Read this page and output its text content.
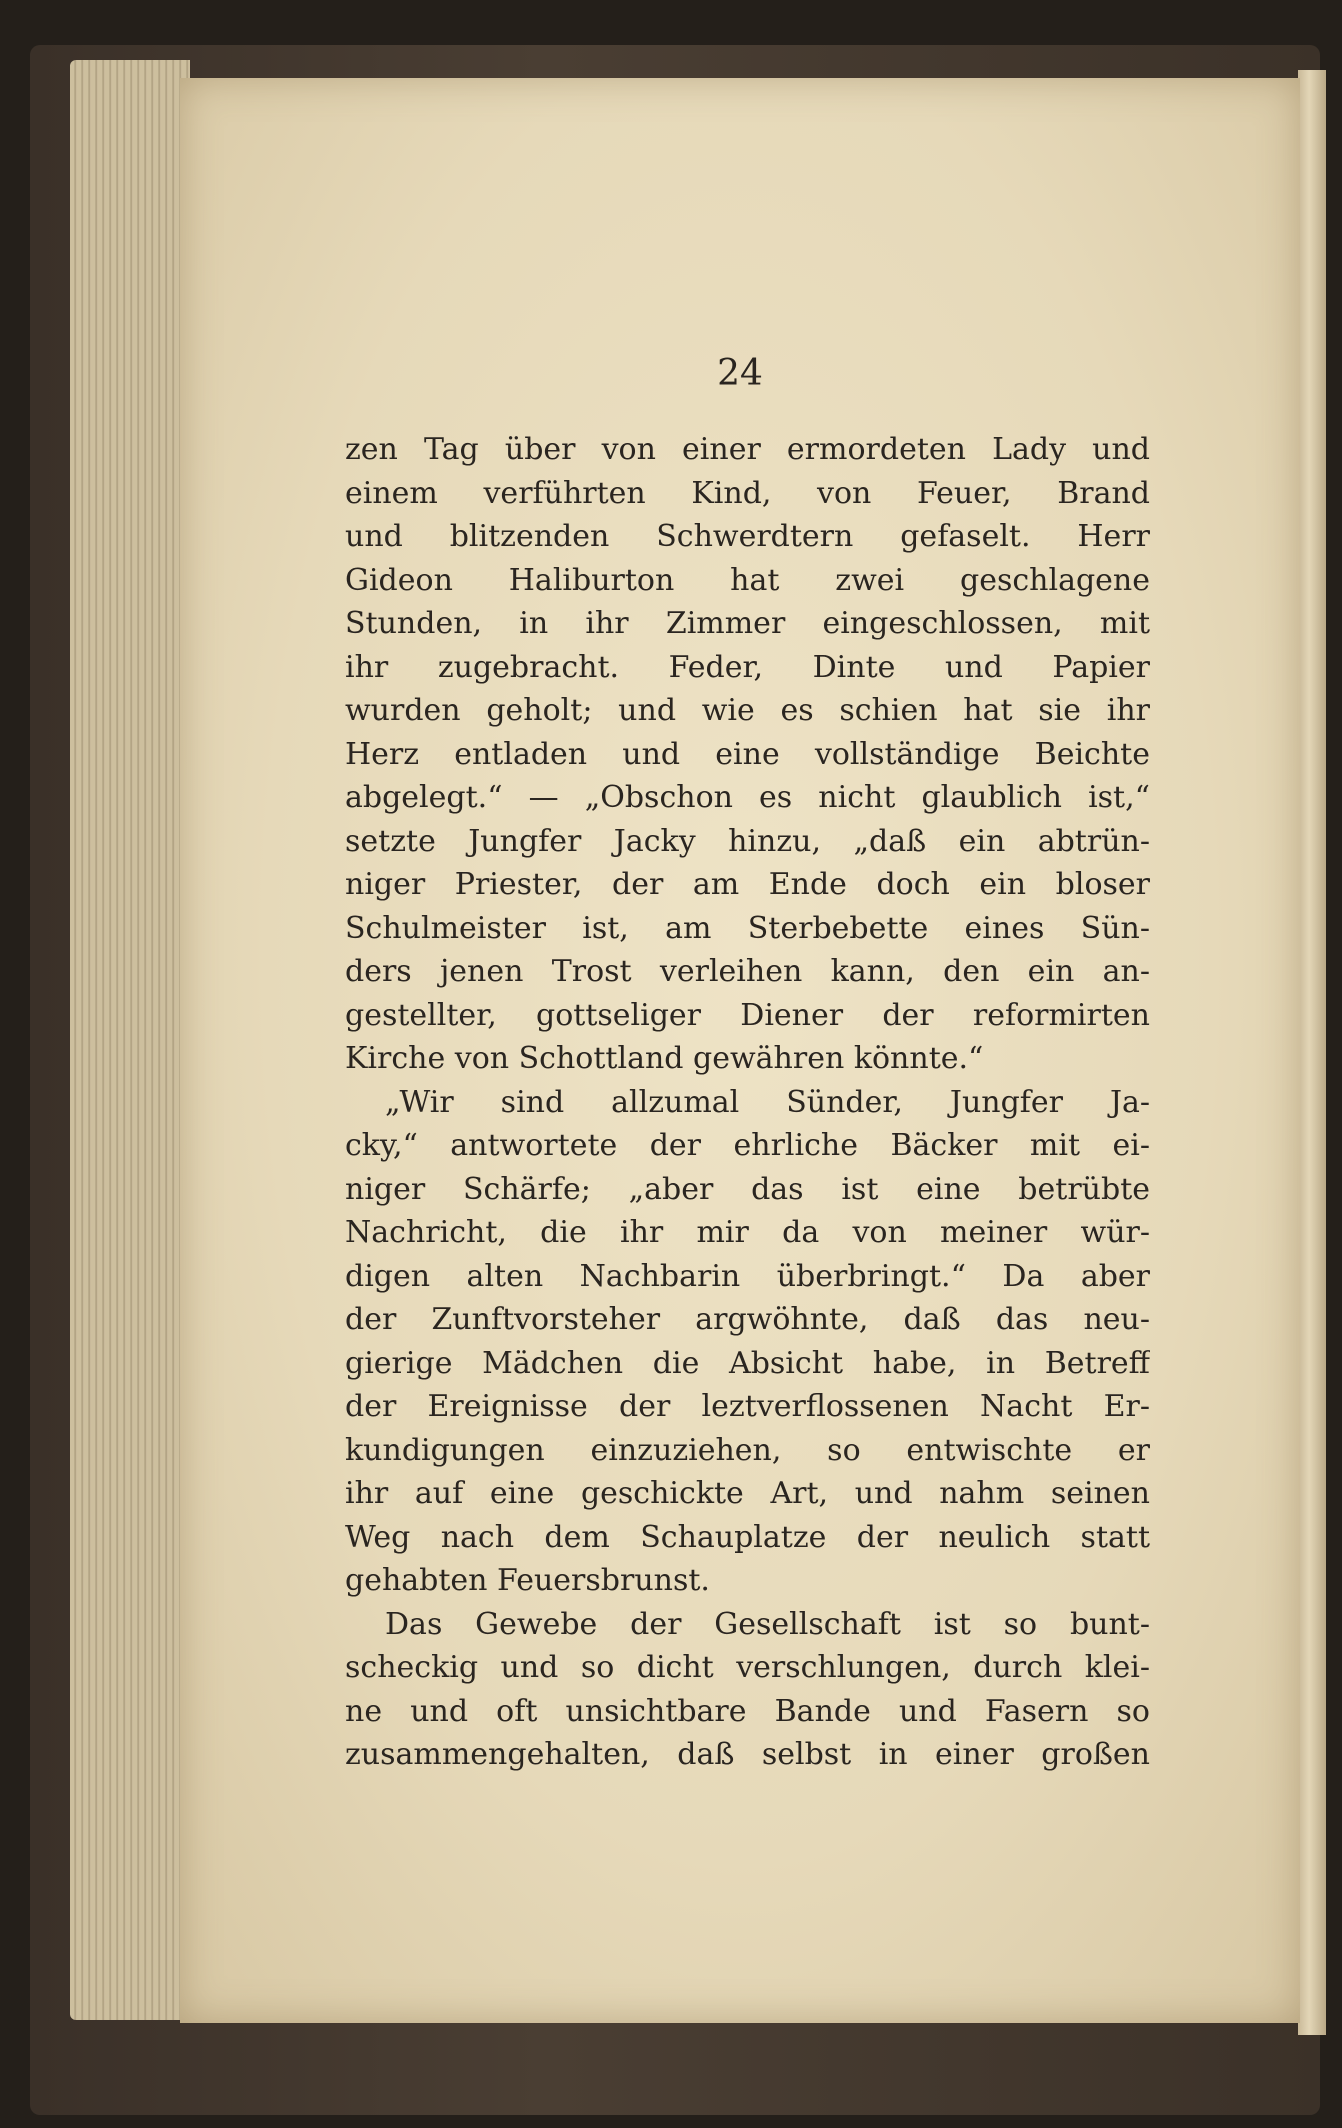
24
zen Tag über von einer ermordeten Lady und
einem verführten Kind, von Feuer, Brand
und blitzenden Schwerdtern gefaselt. Herr
Gideon Haliburton hat zwei geschlagene
Stunden, in ihr Zimmer eingeschlossen, mit
ihr zugebracht. Feder, Dinte und Papier
wurden geholt; und wie es schien hat sie ihr
Herz entladen und eine vollständige Beichte
abgelegt.“ — „Obschon es nicht glaublich ist,“
setzte Jungfer Jacky hinzu, „daß ein abtrün-
niger Priester, der am Ende doch ein bloser
Schulmeister ist, am Sterbebette eines Sün-
ders jenen Trost verleihen kann, den ein an-
gestellter, gottseliger Diener der reformirten
Kirche von Schottland gewähren könnte.“
„Wir sind allzumal Sünder, Jungfer Ja-
cky,“ antwortete der ehrliche Bäcker mit ei-
niger Schärfe; „aber das ist eine betrübte
Nachricht, die ihr mir da von meiner wür-
digen alten Nachbarin überbringt.“ Da aber
der Zunftvorsteher argwöhnte, daß das neu-
gierige Mädchen die Absicht habe, in Betreff
der Ereignisse der leztverflossenen Nacht Er-
kundigungen einzuziehen, so entwischte er
ihr auf eine geschickte Art, und nahm seinen
Weg nach dem Schauplatze der neulich statt
gehabten Feuersbrunst.
Das Gewebe der Gesellschaft ist so bunt-
scheckig und so dicht verschlungen, durch klei-
ne und oft unsichtbare Bande und Fasern so
zusammengehalten, daß selbst in einer großen
